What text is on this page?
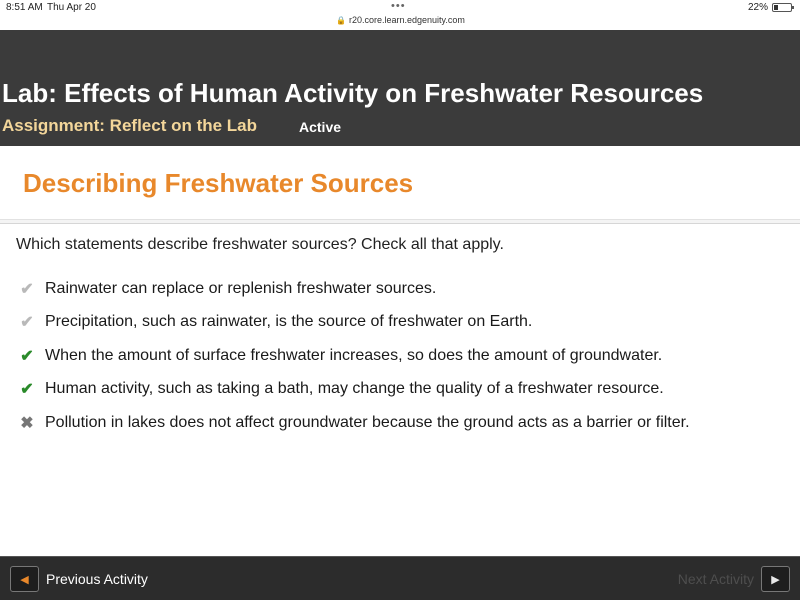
8:51 AM Thu Apr 20	•••
🔒 r20.core.learn.edgenuity.com
22%
Lab: Effects of Human Activity on Freshwater Resources
Assignment: Reflect on the Lab	Active
Describing Freshwater Sources
Which statements describe freshwater sources? Check all that apply.
✔ Rainwater can replace or replenish freshwater sources.
✔ Precipitation, such as rainwater, is the source of freshwater on Earth.
✔ When the amount of surface freshwater increases, so does the amount of groundwater.
✔ Human activity, such as taking a bath, may change the quality of a freshwater resource.
✖ Pollution in lakes does not affect groundwater because the ground acts as a barrier or filter.
◀	Previous Activity	Next Activity	▶
